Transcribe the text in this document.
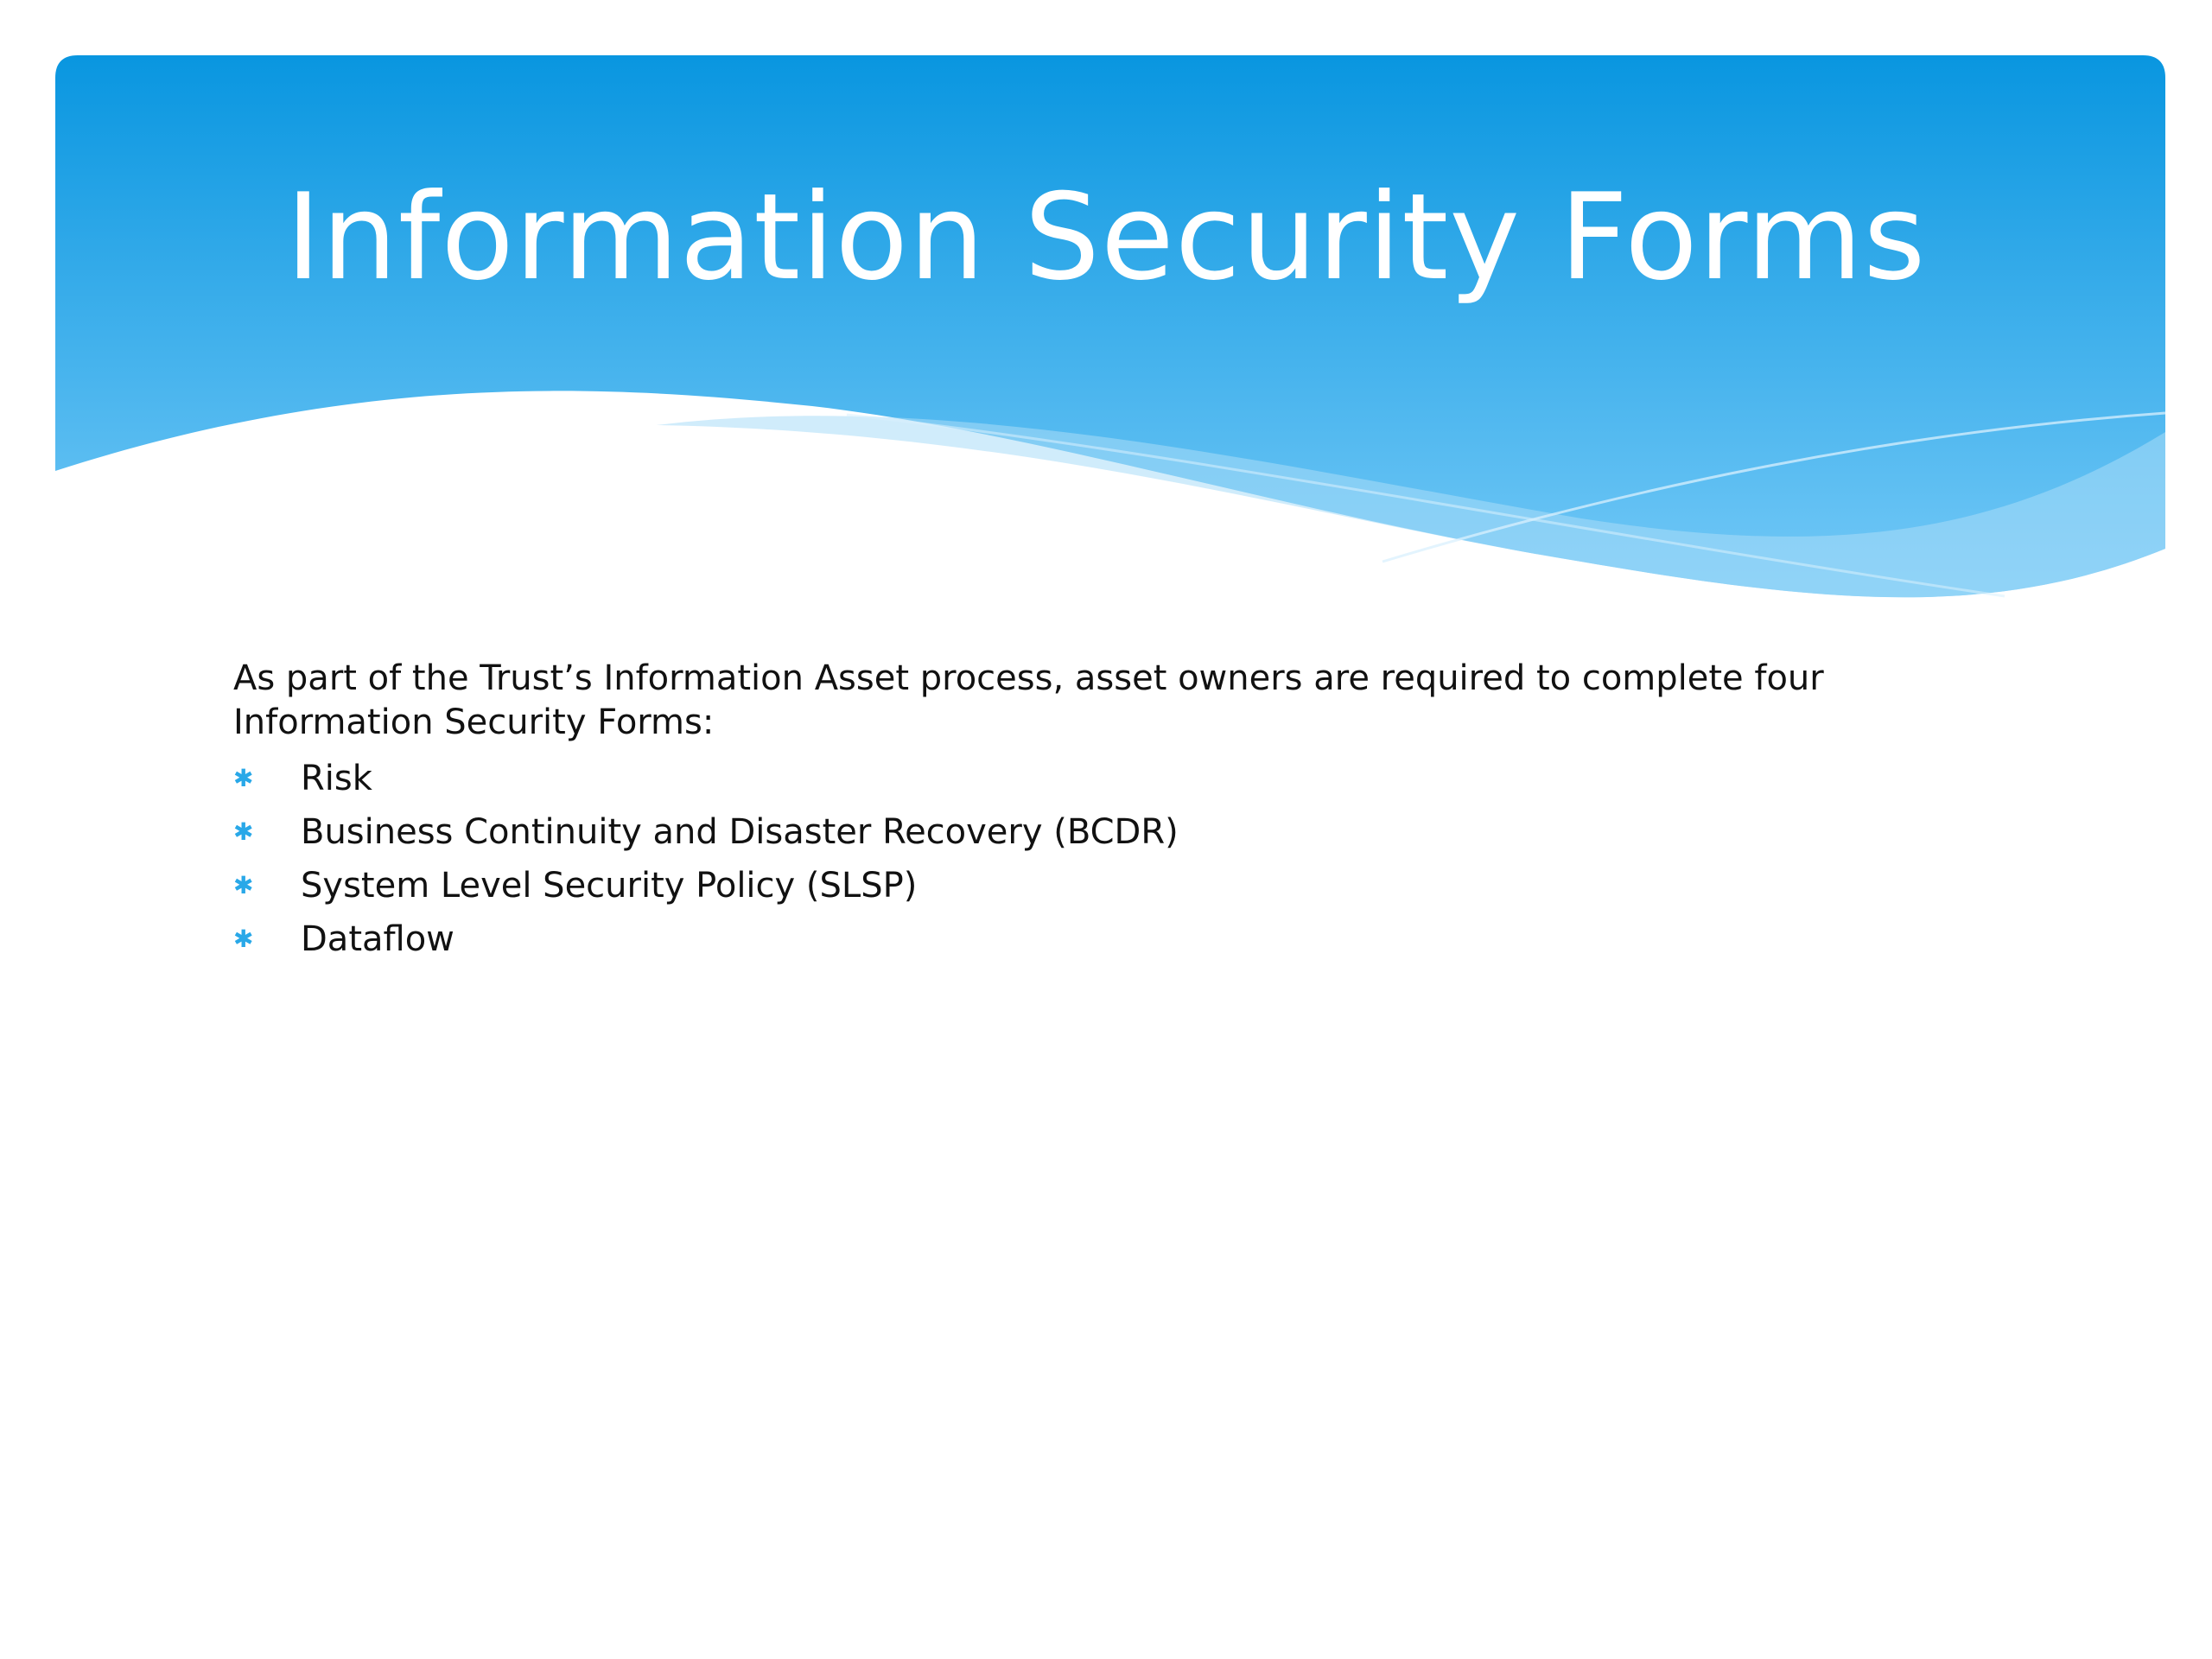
Information Security Forms

As part of the Trust’s Information Asset process, asset owners are required to complete four Information Security Forms:

✱	Risk
✱	Business Continuity and Disaster Recovery (BCDR)
✱	System Level Security Policy (SLSP)
✱	Dataflow
